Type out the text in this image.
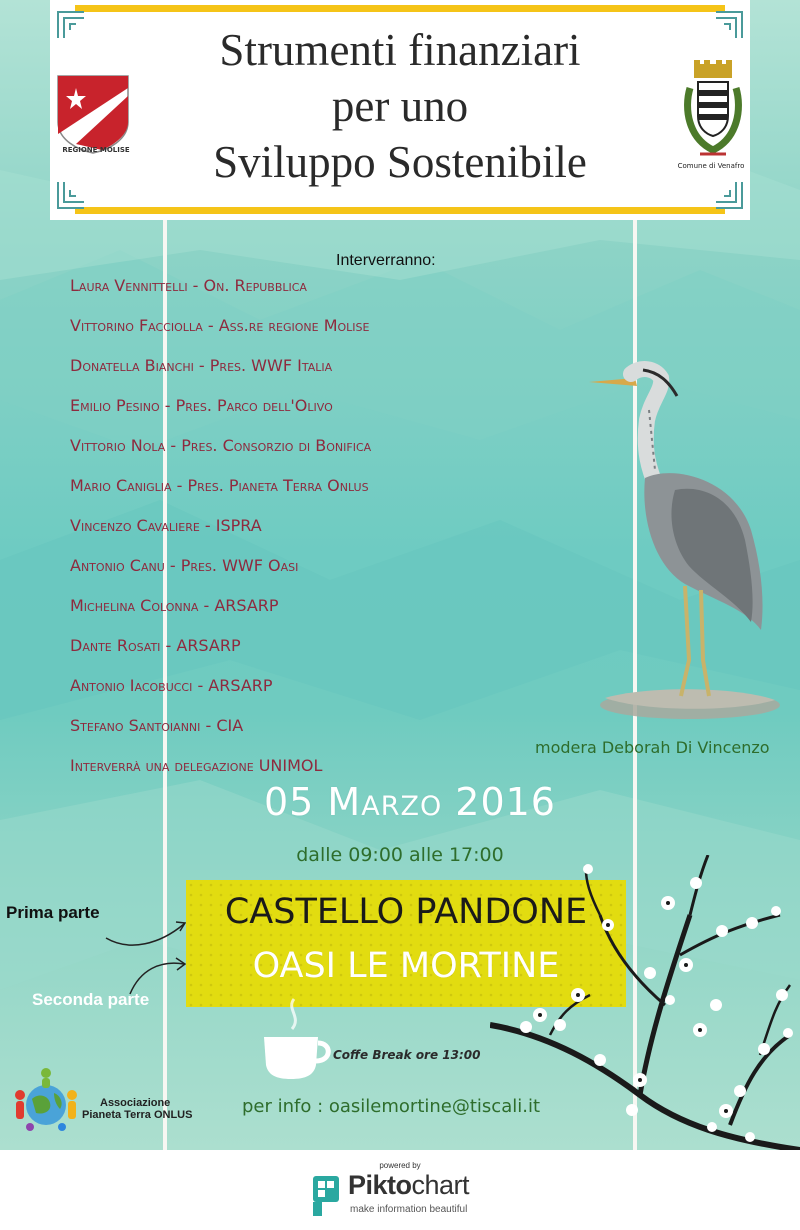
REGIONE MOLISE
Strumenti finanziari
per uno
Sviluppo Sostenibile	Comune di Venafro
Interverranno:
Laura Vennittelli - On. Repubblica
Vittorino Facciolla - Ass.re regione Molise
Donatella Bianchi - Pres. WWF Italia
Emilio Pesino - Pres. Parco dell'Olivo
Vittorio Nola - Pres. Consorzio di Bonifica
Mario Caniglia - Pres. Pianeta Terra Onlus
Vincenzo Cavaliere - ISPRA
Antonio Canu - Pres. WWF Oasi
Michelina Colonna - ARSARP
Dante Rosati - ARSARP
Antonio Iacobucci - ARSARP
Stefano Santoianni - CIA
Interverrà una delegazione UNIMOL
modera Deborah Di Vincenzo
05 Marzo 2016
dalle 09:00 alle 17:00
Prima parte
Seconda parte
CASTELLO PANDONE
OASI LE MORTINE
Coffe Break ore 13:00
Associazione
Pianeta Terra ONLUS	per info : oasilemortine@tiscali.it
powered by
Piktochart
make information beautiful
